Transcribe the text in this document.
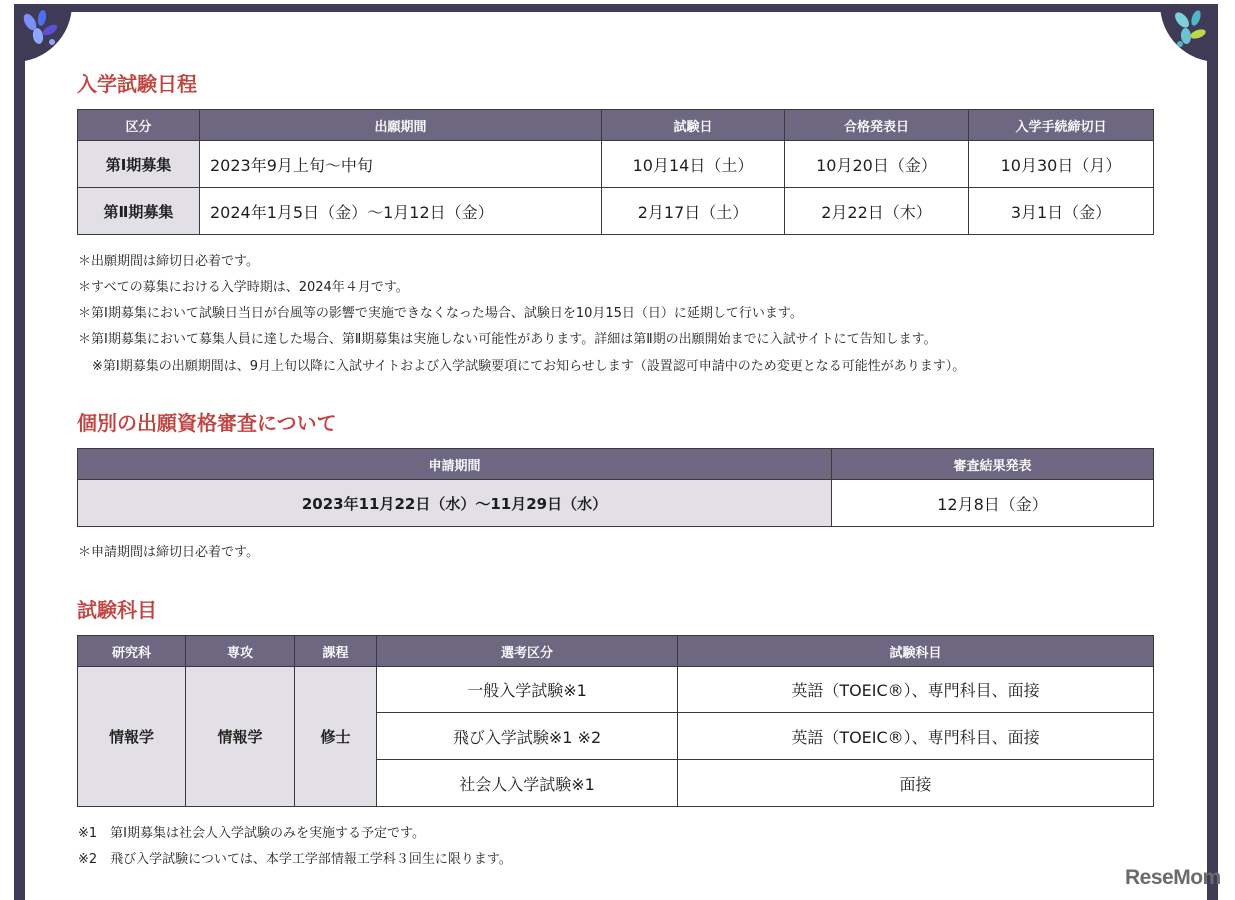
入学試験日程
区分	出願期間	試験日	合格発表日	入学手続締切日
第Ⅰ期募集	2023年9月上旬〜中旬	10月14日（土）	10月20日（金）	10月30日（月）
第Ⅱ期募集	2024年1月5日（金）〜1月12日（金）	2月17日（土）	2月22日（木）	3月1日（金）

＊出願期間は締切日必着です。

＊すべての募集における入学時期は、2024年４月です。

＊第Ⅰ期募集において試験日当日が台風等の影響で実施できなくなった場合、試験日を10月15日（日）に延期して行います。

＊第Ⅰ期募集において募集人員に達した場合、第Ⅱ期募集は実施しない可能性があります。詳細は第Ⅱ期の出願開始までに入試サイトにて告知します。

※第Ⅰ期募集の出願期間は、9月上旬以降に入試サイトおよび入学試験要項にてお知らせします（設置認可申請中のため変更となる可能性があります）。

個別の出願資格審査について
申請期間	審査結果発表
2023年11月22日（水）〜11月29日（水）	12月8日（金）

＊申請期間は締切日必着です。

試験科目
研究科	専攻	課程	選考区分	試験科目
情報学	情報学	修士	一般入学試験※1	英語（TOEIC®）、専門科目、面接
			飛び入学試験※1 ※2	英語（TOEIC®）、専門科目、面接
			社会人入学試験※1	面接

※1　第Ⅰ期募集は社会人入学試験のみを実施する予定です。

※2　飛び入学試験については、本学工学部情報工学科３回生に限ります。

ReseMom
